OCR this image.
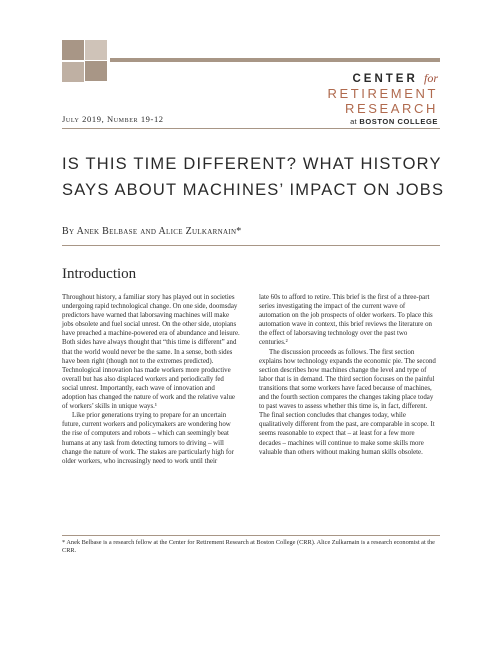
CENTER for
RETIREMENT
RESEARCH
at BOSTON COLLEGE
July 2019, Number 19-12
IS THIS TIME DIFFERENT? WHAT HISTORY
SAYS ABOUT MACHINES’ IMPACT ON JOBS
By Anek Belbase and Alice Zulkarnain*
Introduction

Throughout history, a familiar story has played out in societies undergoing rapid technological change. On one side, doomsday predictors have warned that laborsaving machines will make jobs obsolete and fuel social unrest. On the other side, utopians have preached a machine-powered era of abundance and leisure. Both sides have always thought that “this time is different” and that the world would never be the same. In a sense, both sides have been right (though not to the extremes predicted). Technological innovation has made workers more productive overall but has also displaced workers and periodically fed social unrest. Importantly, each wave of innovation and adoption has changed the nature of work and the relative value of workers’ skills in unique ways.¹

Like prior generations trying to prepare for an uncertain future, current workers and policymakers are wondering how the rise of computers and robots – which can seemingly beat humans at any task from detecting tumors to driving – will change the nature of work. The stakes are particularly high for older workers, who increasingly need to work until their

late 60s to afford to retire. This brief is the first of a three-part series investigating the impact of the current wave of automation on the job prospects of older workers. To place this automation wave in context, this brief reviews the literature on the effect of laborsaving technology over the past two centuries.²

The discussion proceeds as follows. The first section explains how technology expands the economic pie. The second section describes how machines change the level and type of labor that is in demand. The third section focuses on the painful transitions that some workers have faced because of machines, and the fourth section compares the changes taking place today to past waves to assess whether this time is, in fact, different. The final section concludes that changes today, while qualitatively different from the past, are comparable in scope. It seems reasonable to expect that – at least for a few more decades – machines will continue to make some skills more valuable than others without making human skills obsolete.

* Anek Belbase is a research fellow at the Center for Retirement Research at Boston College (CRR). Alice Zulkarnain is a research economist at the CRR.
